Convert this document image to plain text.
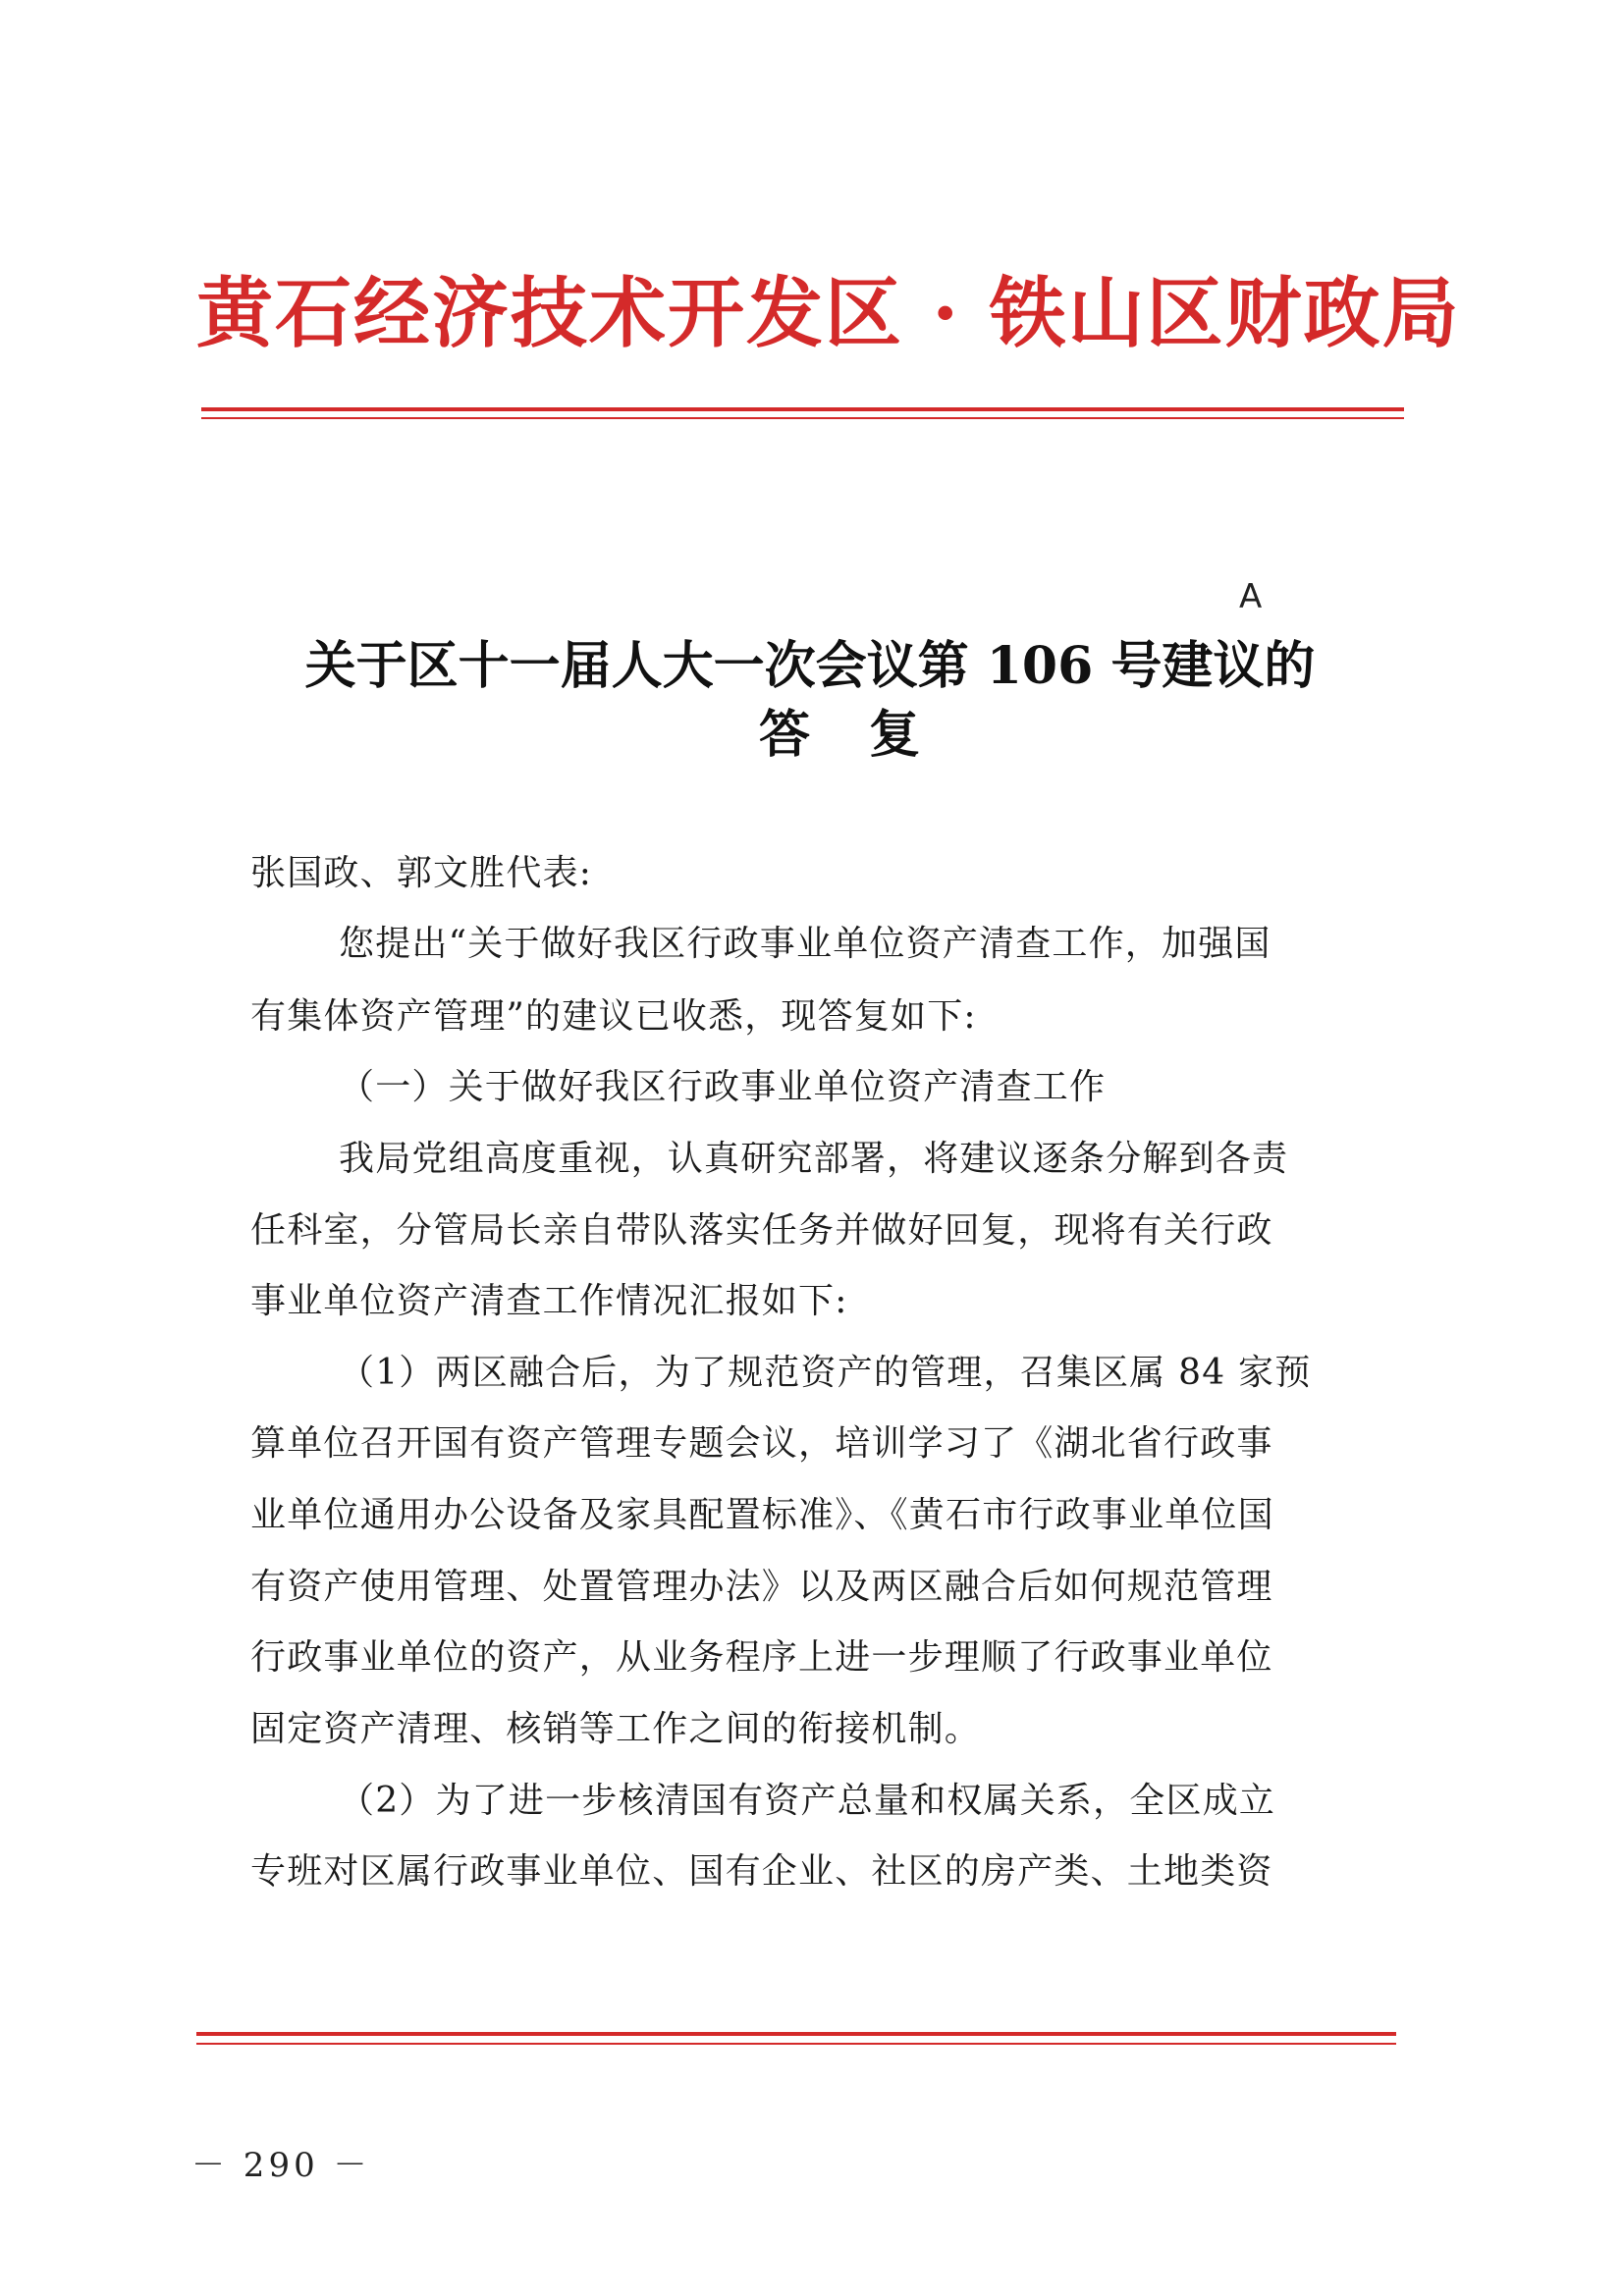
黄石经济技术开发区 · 铁山区财政局
A
关于区十一届人大一次会议第 106 号建议的
答复
张国政、郭文胜代表:
您提出“关于做好我区行政事业单位资产清查工作，加强国
有集体资产管理”的建议已收悉，现答复如下:
（一）关于做好我区行政事业单位资产清查工作
我局党组高度重视，认真研究部署，将建议逐条分解到各责
任科室，分管局长亲自带队落实任务并做好回复，现将有关行政
事业单位资产清查工作情况汇报如下:
（1）两区融合后，为了规范资产的管理，召集区属 84 家预
算单位召开国有资产管理专题会议，培训学习了《湖北省行政事
业单位通用办公设备及家具配置标准》、《黄石市行政事业单位国
有资产使用管理、处置管理办法》以及两区融合后如何规范管理
行政事业单位的资产，从业务程序上进一步理顺了行政事业单位
固定资产清理、核销等工作之间的衔接机制。
（2）为了进一步核清国有资产总量和权属关系，全区成立
专班对区属行政事业单位、国有企业、社区的房产类、土地类资
－ 290 －
